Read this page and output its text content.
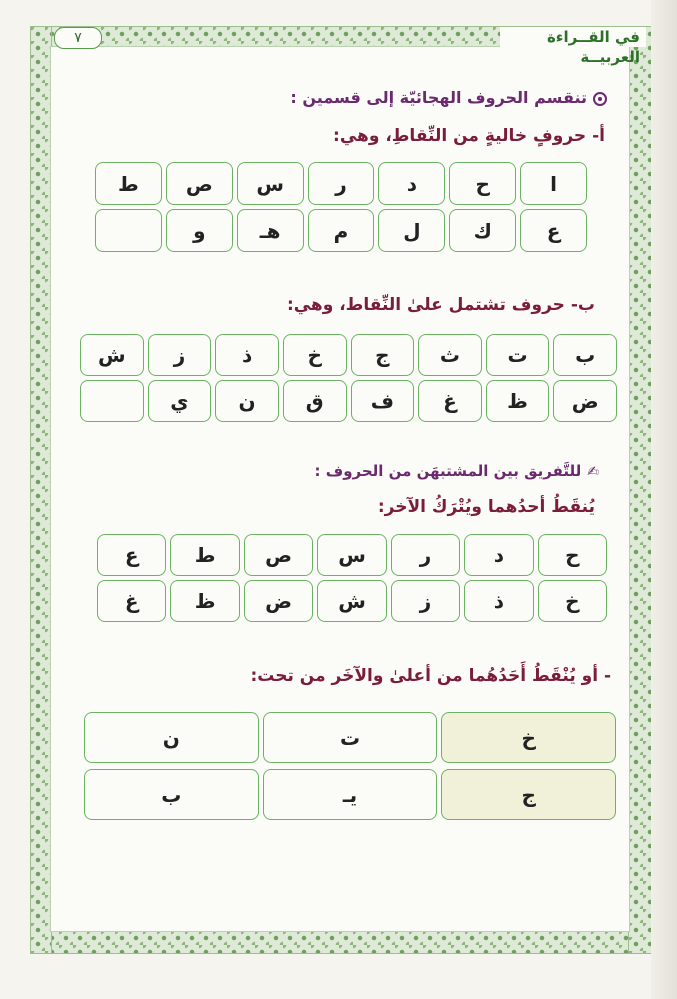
في القــراءة العربيــة
٧
تنقسم الحروف الهجائيّة إلى قسمين :
أ- حروفٍ خاليةٍ من النِّقاطِ، وهي:
ا
ح
د
ر
س
ص
ط
ع
ك
ل
م
هـ
و
ب- حروف تشتمل علىٰ النِّقاط، وهي:
ب
ت
ث
ج
خ
ذ
ز
ش
ض
ظ
غ
ف
ق
ن
ي
✍للتَّفريق بين المشتبهَن من الحروف :
يُنقَطُ أحدُهما ويُتْرَكُ الآخر:
ح
د
ر
س
ص
ط
ع
خ
ذ
ز
ش
ض
ظ
غ
- أو يُنْقَطُ أَحَدُهُما من أعلىٰ والآخَر من تحت:
خ
ت
ن
ج
يـ
ب
